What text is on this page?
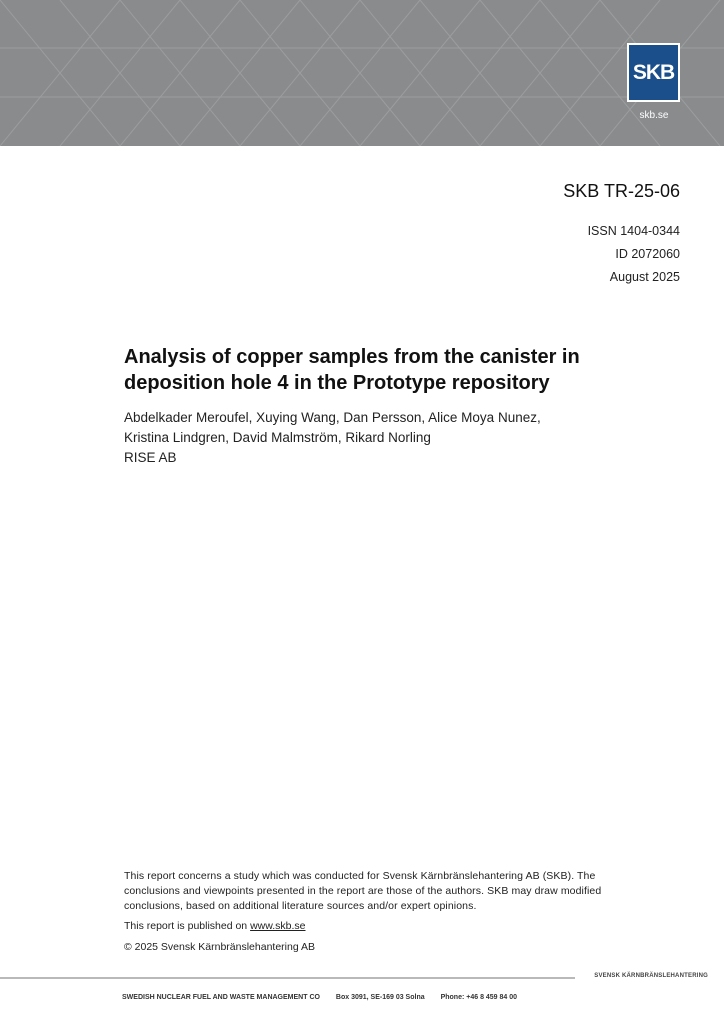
SKB
skb.se
SKB TR-25-06
ISSN 1404-0344
ID 2072060
August 2025
Analysis of copper samples from the canister in
deposition hole 4 in the Prototype repository
Abdelkader Meroufel, Xuying Wang, Dan Persson, Alice Moya Nunez,
Kristina Lindgren, David Malmström, Rikard Norling
RISE AB

This report concerns a study which was conducted for Svensk Kärnbränslehantering AB (SKB). The

conclusions and viewpoints presented in the report are those of the authors. SKB may draw modified

conclusions, based on additional literature sources and/or expert opinions.

This report is published on www.skb.se
© 2025 Svensk Kärnbränslehantering AB
SVENSK KÄRNBRÄNSLEHANTERING
SWEDISH NUCLEAR FUEL AND WASTE MANAGEMENT CO Box 3091, SE-169 03 Solna Phone: +46 8 459 84 00
